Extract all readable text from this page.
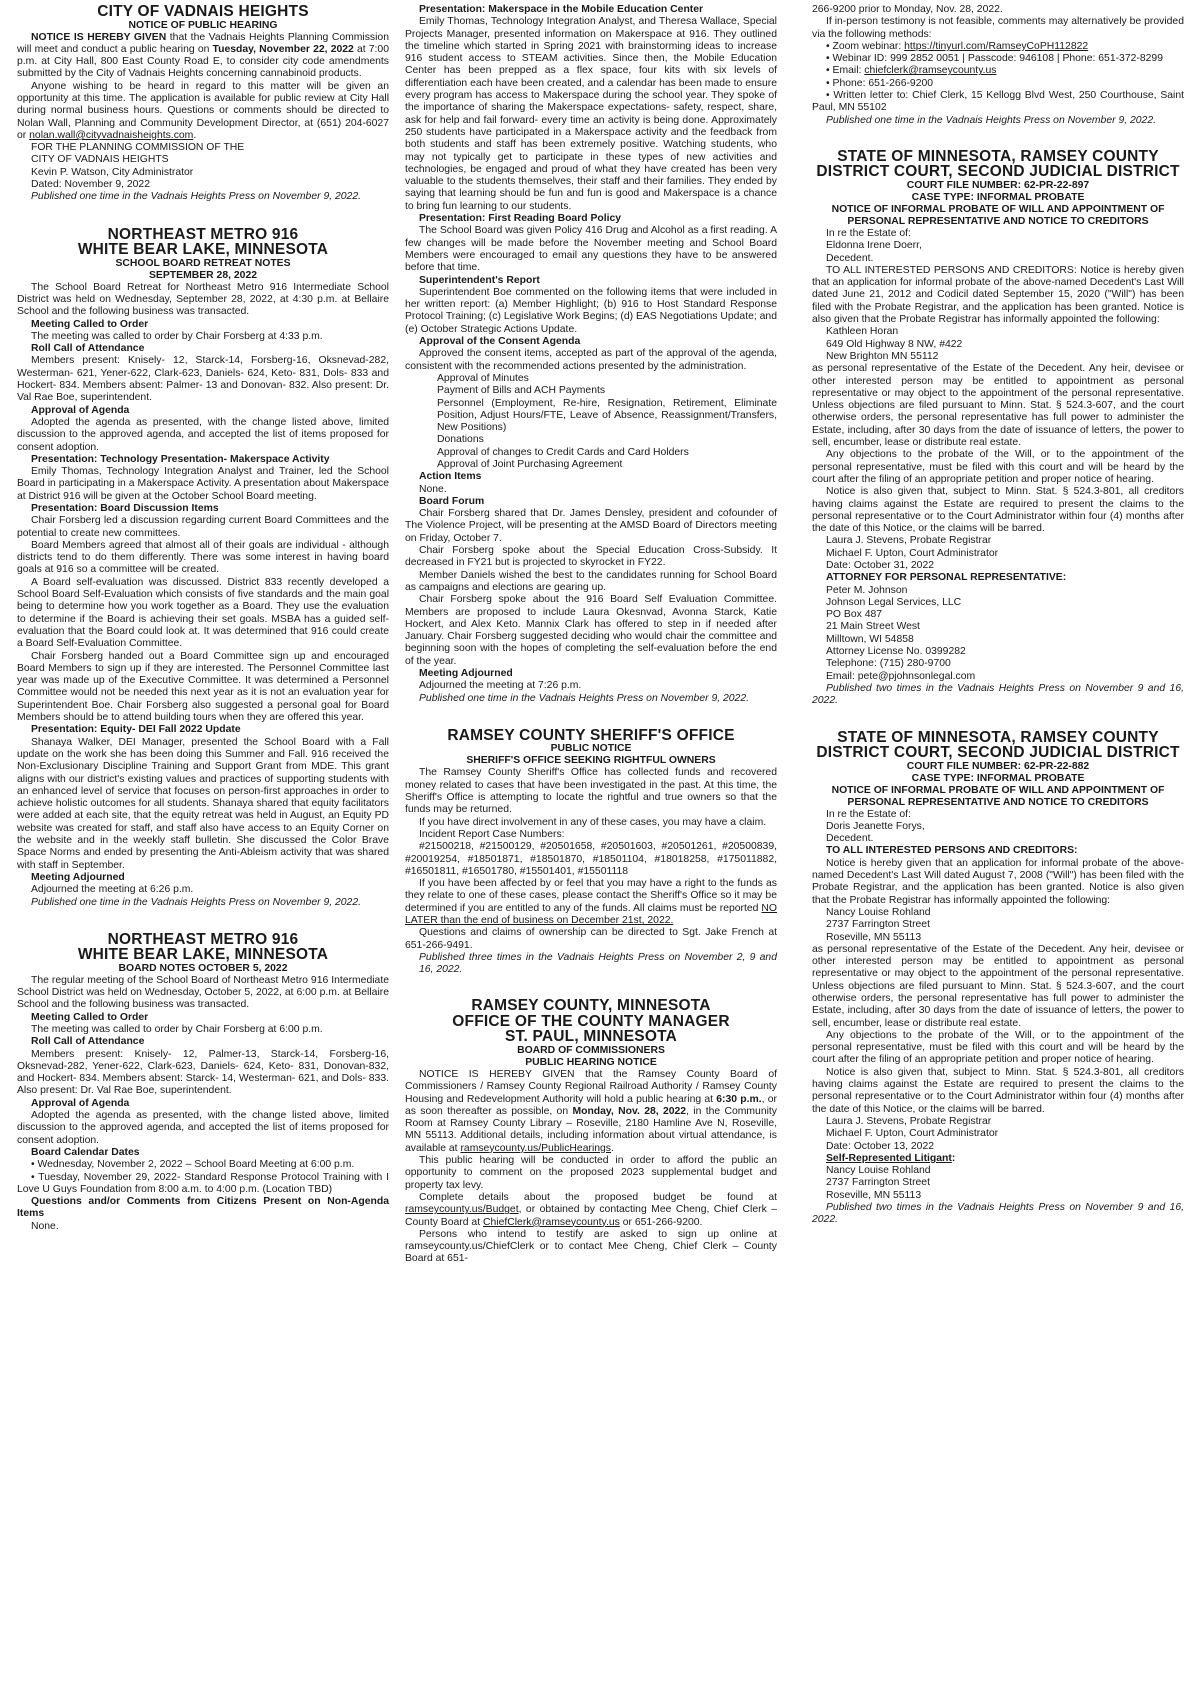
CITY OF VADNAIS HEIGHTS
NOTICE OF PUBLIC HEARING

NOTICE IS HEREBY GIVEN that the Vadnais Heights Planning Commission will meet and conduct a public hearing on Tuesday, November 22, 2022 at 7:00 p.m. at City Hall, 800 East County Road E, to consider city code amendments submitted by the City of Vadnais Heights concerning cannabinoid products.

Anyone wishing to be heard in regard to this matter will be given an opportunity at this time. The application is available for public review at City Hall during normal business hours. Questions or comments should be directed to Nolan Wall, Planning and Community Development Director, at (651) 204-6027 or nolan.wall@cityvadnaisheights.com.

FOR THE PLANNING COMMISSION OF THE

CITY OF VADNAIS HEIGHTS

Kevin P. Watson, City Administrator

Dated: November 9, 2022

Published one time in the Vadnais Heights Press on November 9, 2022.

NORTHEAST METRO 916
WHITE BEAR LAKE, MINNESOTA
SCHOOL BOARD RETREAT NOTES
SEPTEMBER 28, 2022

The School Board Retreat for Northeast Metro 916 Intermediate School District was held on Wednesday, September 28, 2022, at 4:30 p.m. at Bellaire School and the following business was transacted.

Meeting Called to Order

The meeting was called to order by Chair Forsberg at 4:33 p.m.

Roll Call of Attendance

Members present: Knisely- 12, Starck-14, Forsberg-16, Oksnevad-282, Westerman- 621, Yener-622, Clark-623, Daniels- 624, Keto- 831, Dols- 833 and Hockert- 834. Members absent: Palmer- 13 and Donovan- 832. Also present: Dr. Val Rae Boe, superintendent.

Approval of Agenda

Adopted the agenda as presented, with the change listed above, limited discussion to the approved agenda, and accepted the list of items proposed for consent adoption.

Presentation: Technology Presentation- Makerspace Activity

Emily Thomas, Technology Integration Analyst and Trainer, led the School Board in participating in a Makerspace Activity. A presentation about Makerspace at District 916 will be given at the October School Board meeting.

Presentation: Board Discussion Items

Chair Forsberg led a discussion regarding current Board Committees and the potential to create new committees.

Board Members agreed that almost all of their goals are individual - although districts tend to do them differently. There was some interest in having board goals at 916 so a committee will be created.

A Board self-evaluation was discussed. District 833 recently developed a School Board Self-Evaluation which consists of five standards and the main goal being to determine how you work together as a Board. They use the evaluation to determine if the Board is achieving their set goals. MSBA has a guided self-evaluation that the Board could look at. It was determined that 916 could create a Board Self-Evaluation Committee.

Chair Forsberg handed out a Board Committee sign up and encouraged Board Members to sign up if they are interested. The Personnel Committee last year was made up of the Executive Committee. It was determined a Personnel Committee would not be needed this next year as it is not an evaluation year for Superintendent Boe. Chair Forsberg also suggested a personal goal for Board Members should be to attend building tours when they are offered this year.

Presentation: Equity- DEI Fall 2022 Update

Shanaya Walker, DEI Manager, presented the School Board with a Fall update on the work she has been doing this Summer and Fall. 916 received the Non-Exclusionary Discipline Training and Support Grant from MDE. This grant aligns with our district's existing values and practices of supporting students with an enhanced level of service that focuses on person-first approaches in order to achieve holistic outcomes for all students. Shanaya shared that equity facilitators were added at each site, that the equity retreat was held in August, an Equity PD website was created for staff, and staff also have access to an Equity Corner on the website and in the weekly staff bulletin. She discussed the Color Brave Space Norms and ended by presenting the Anti-Ableism activity that was shared with staff in September.

Meeting Adjourned

Adjourned the meeting at 6:26 p.m.

Published one time in the Vadnais Heights Press on November 9, 2022.

NORTHEAST METRO 916
WHITE BEAR LAKE, MINNESOTA
BOARD NOTES OCTOBER 5, 2022

The regular meeting of the School Board of Northeast Metro 916 Intermediate School District was held on Wednesday, October 5, 2022, at 6:00 p.m. at Bellaire School and the following business was transacted.

Meeting Called to Order

The meeting was called to order by Chair Forsberg at 6:00 p.m.

Roll Call of Attendance

Members present: Knisely- 12, Palmer-13, Starck-14, Forsberg-16, Oksnevad-282, Yener-622, Clark-623, Daniels- 624, Keto- 831, Donovan-832, and Hockert- 834. Members absent: Starck- 14, Westerman- 621, and Dols- 833. Also present: Dr. Val Rae Boe, superintendent.

Approval of Agenda

Adopted the agenda as presented, with the change listed above, limited discussion to the approved agenda, and accepted the list of items proposed for consent adoption.

Board Calendar Dates

• Wednesday, November 2, 2022 – School Board Meeting at 6:00 p.m.

• Tuesday, November 29, 2022- Standard Response Protocol Training with I Love U Guys Foundation from 8:00 a.m. to 4:00 p.m. (Location TBD)

Questions and/or Comments from Citizens Present on Non-Agenda Items

None.

Presentation: Makerspace in the Mobile Education Center

Emily Thomas, Technology Integration Analyst, and Theresa Wallace, Special Projects Manager, presented information on Makerspace at 916. They outlined the timeline which started in Spring 2021 with brainstorming ideas to increase 916 student access to STEAM activities. Since then, the Mobile Education Center has been prepped as a flex space, four kits with six levels of differentiation each have been created, and a calendar has been made to ensure every program has access to Makerspace during the school year. They spoke of the importance of sharing the Makerspace expectations- safety, respect, share, ask for help and fail forward- every time an activity is being done. Approximately 250 students have participated in a Makerspace activity and the feedback from both students and staff has been extremely positive. Watching students, who may not typically get to participate in these types of new activities and technologies, be engaged and proud of what they have created has been very valuable to the students themselves, their staff and their families. They ended by saying that learning should be fun and fun is good and Makerspace is a chance to bring fun learning to our students.

Presentation: First Reading Board Policy

The School Board was given Policy 416 Drug and Alcohol as a first reading. A few changes will be made before the November meeting and School Board Members were encouraged to email any questions they have to be answered before that time.

Superintendent's Report

Superintendent Boe commented on the following items that were included in her written report: (a) Member Highlight; (b) 916 to Host Standard Response Protocol Training; (c) Legislative Work Begins; (d) EAS Negotiations Update; and (e) October Strategic Actions Update.

Approval of the Consent Agenda

Approved the consent items, accepted as part of the approval of the agenda, consistent with the recommended actions presented by the administration.

Approval of Minutes

Payment of Bills and ACH Payments

Personnel (Employment, Re-hire, Resignation, Retirement, Eliminate Position, Adjust Hours/FTE, Leave of Absence, Reassignment/Transfers, New Positions)

Donations

Approval of changes to Credit Cards and Card Holders

Approval of Joint Purchasing Agreement

Action Items

None.

Board Forum

Chair Forsberg shared that Dr. James Densley, president and cofounder of The Violence Project, will be presenting at the AMSD Board of Directors meeting on Friday, October 7.

Chair Forsberg spoke about the Special Education Cross-Subsidy. It decreased in FY21 but is projected to skyrocket in FY22.

Member Daniels wished the best to the candidates running for School Board as campaigns and elections are gearing up.

Chair Forsberg spoke about the 916 Board Self Evaluation Committee. Members are proposed to include Laura Okesnvad, Avonna Starck, Katie Hockert, and Alex Keto. Mannix Clark has offered to step in if needed after January. Chair Forsberg suggested deciding who would chair the committee and beginning soon with the hopes of completing the self-evaluation before the end of the year.

Meeting Adjourned

Adjourned the meeting at 7:26 p.m.

Published one time in the Vadnais Heights Press on November 9, 2022.

RAMSEY COUNTY SHERIFF'S OFFICE
PUBLIC NOTICE
SHERIFF'S OFFICE SEEKING RIGHTFUL OWNERS

The Ramsey County Sheriff's Office has collected funds and recovered money related to cases that have been investigated in the past. At this time, the Sheriff's Office is attempting to locate the rightful and true owners so that the funds may be returned.

If you have direct involvement in any of these cases, you may have a claim.

Incident Report Case Numbers:

#21500218, #21500129, #20501658, #20501603, #20501261, #20500839, #20019254, #18501871, #18501870, #18501104, #18018258, #175011882, #16501811, #16501780, #15501401, #15501118

If you have been affected by or feel that you may have a right to the funds as they relate to one of these cases, please contact the Sheriff's Office so it may be determined if you are entitled to any of the funds. All claims must be reported NO LATER than the end of business on December 21st, 2022.

Questions and claims of ownership can be directed to Sgt. Jake French at 651-266-9491.

Published three times in the Vadnais Heights Press on November 2, 9 and 16, 2022.

RAMSEY COUNTY, MINNESOTA
OFFICE OF THE COUNTY MANAGER
ST. PAUL, MINNESOTA
BOARD OF COMMISSIONERS
PUBLIC HEARING NOTICE

NOTICE IS HEREBY GIVEN that the Ramsey County Board of Commissioners / Ramsey County Regional Railroad Authority / Ramsey County Housing and Redevelopment Authority will hold a public hearing at 6:30 p.m., or as soon thereafter as possible, on Monday, Nov. 28, 2022, in the Community Room at Ramsey County Library – Roseville, 2180 Hamline Ave N, Roseville, MN 55113. Additional details, including information about virtual attendance, is available at ramseycounty.us/PublicHearings.

This public hearing will be conducted in order to afford the public an opportunity to comment on the proposed 2023 supplemental budget and property tax levy.

Complete details about the proposed budget be found at ramseycounty.us/Budget, or obtained by contacting Mee Cheng, Chief Clerk – County Board at ChiefClerk@ramseycounty.us or 651-266-9200.

Persons who intend to testify are asked to sign up online at ramseycounty.us/ChiefClerk or to contact Mee Cheng, Chief Clerk – County Board at 651-

266-9200 prior to Monday, Nov. 28, 2022.

If in-person testimony is not feasible, comments may alternatively be provided via the following methods:

• Zoom webinar: https://tinyurl.com/RamseyCoPH112822

• Webinar ID: 999 2852 0051 | Passcode: 946108 | Phone: 651-372-8299

• Email: chiefclerk@ramseycounty.us

• Phone: 651-266-9200

• Written letter to: Chief Clerk, 15 Kellogg Blvd West, 250 Courthouse, Saint Paul, MN 55102

Published one time in the Vadnais Heights Press on November 9, 2022.

STATE OF MINNESOTA, RAMSEY COUNTY
DISTRICT COURT, SECOND JUDICIAL DISTRICT
COURT FILE NUMBER: 62-PR-22-897
CASE TYPE: INFORMAL PROBATE
NOTICE OF INFORMAL PROBATE OF WILL AND APPOINTMENT OF PERSONAL REPRESENTATIVE AND NOTICE TO CREDITORS

In re the Estate of:

Eldonna Irene Doerr,

Decedent.

TO ALL INTERESTED PERSONS AND CREDITORS: Notice is hereby given that an application for informal probate of the above-named Decedent's Last Will dated June 21, 2012 and Codicil dated September 15, 2020 ("Will") has been filed with the Probate Registrar, and the application has been granted. Notice is also given that the Probate Registrar has informally appointed the following:

Kathleen Horan

649 Old Highway 8 NW, #422

New Brighton MN 55112

as personal representative of the Estate of the Decedent. Any heir, devisee or other interested person may be entitled to appointment as personal representative or may object to the appointment of the personal representative. Unless objections are filed pursuant to Minn. Stat. § 524.3-607, and the court otherwise orders, the personal representative has full power to administer the Estate, including, after 30 days from the date of issuance of letters, the power to sell, encumber, lease or distribute real estate.

Any objections to the probate of the Will, or to the appointment of the personal representative, must be filed with this court and will be heard by the court after the filing of an appropriate petition and proper notice of hearing.

Notice is also given that, subject to Minn. Stat. § 524.3-801, all creditors having claims against the Estate are required to present the claims to the personal representative or to the Court Administrator within four (4) months after the date of this Notice, or the claims will be barred.

Laura J. Stevens, Probate Registrar

Michael F. Upton, Court Administrator

Date: October 31, 2022

ATTORNEY FOR PERSONAL REPRESENTATIVE:

Peter M. Johnson

Johnson Legal Services, LLC

PO Box 487

21 Main Street West

Milltown, WI 54858

Attorney License No. 0399282

Telephone: (715) 280-9700

Email: pete@pjohnsonlegal.com

Published two times in the Vadnais Heights Press on November 9 and 16, 2022.

STATE OF MINNESOTA, RAMSEY COUNTY
DISTRICT COURT, SECOND JUDICIAL DISTRICT
COURT FILE NUMBER: 62-PR-22-882
CASE TYPE: INFORMAL PROBATE
NOTICE OF INFORMAL PROBATE OF WILL AND APPOINTMENT OF PERSONAL REPRESENTATIVE AND NOTICE TO CREDITORS

In re the Estate of:

Doris Jeanette Forys,

Decedent.

TO ALL INTERESTED PERSONS AND CREDITORS:

Notice is hereby given that an application for informal probate of the above-named Decedent's Last Will dated August 7, 2008 ("Will") has been filed with the Probate Registrar, and the application has been granted. Notice is also given that the Probate Registrar has informally appointed the following:

Nancy Louise Rohland

2737 Farrington Street

Roseville, MN 55113

as personal representative of the Estate of the Decedent. Any heir, devisee or other interested person may be entitled to appointment as personal representative or may object to the appointment of the personal representative. Unless objections are filed pursuant to Minn. Stat. § 524.3-607, and the court otherwise orders, the personal representative has full power to administer the Estate, including, after 30 days from the date of issuance of letters, the power to sell, encumber, lease or distribute real estate.

Any objections to the probate of the Will, or to the appointment of the personal representative, must be filed with this court and will be heard by the court after the filing of an appropriate petition and proper notice of hearing.

Notice is also given that, subject to Minn. Stat. § 524.3-801, all creditors having claims against the Estate are required to present the claims to the personal representative or to the Court Administrator within four (4) months after the date of this Notice, or the claims will be barred.

Laura J. Stevens, Probate Registrar

Michael F. Upton, Court Administrator

Date: October 13, 2022

Self-Represented Litigant:

Nancy Louise Rohland

2737 Farrington Street

Roseville, MN 55113

Published two times in the Vadnais Heights Press on November 9 and 16, 2022.
